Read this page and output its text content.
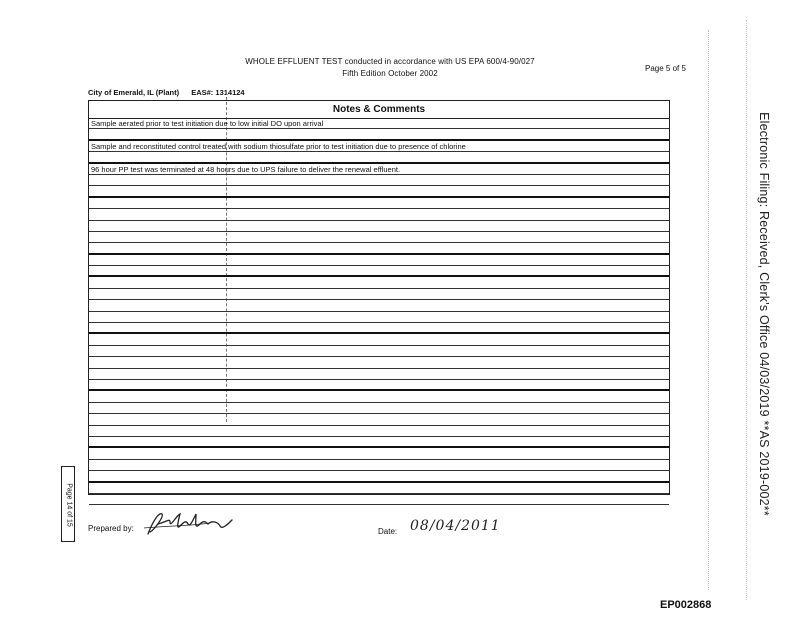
WHOLE EFFLUENT TEST conducted in accordance with US EPA 600/4-90/027
Fifth Edition October 2002
Page 5 of 5
City of Emerald, IL (Plant) EAS#: 1314124
Notes & Comments
Sample aerated prior to test initiation due to low initial DO upon arrival
Sample and reconstituted control treated with sodium thiosulfate prior to test initiation due to presence of chlorine
96 hour PP test was terminated at 48 hours due to UPS failure to deliver the renewal effluent.
Page 14 of 15
Prepared by:	Date: 08/04/2011
Electronic Filing: Received, Clerk's Office 04/03/2019 **AS 2019-002**
EP002868
